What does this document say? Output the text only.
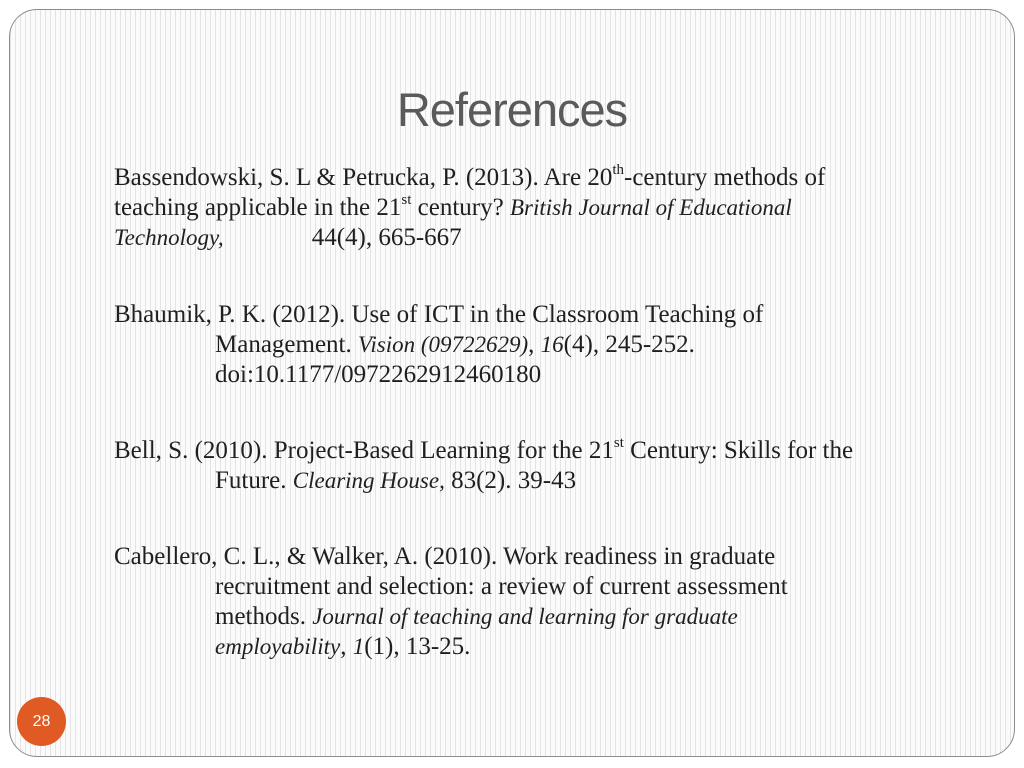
References
Bassendowski, S. L & Petrucka, P. (2013). Are 20th-century methods of
teaching applicable in the 21st century? British Journal of Educational
Technology,	44(4), 665-667
Bhaumik, P. K. (2012). Use of ICT in the Classroom Teaching of
Management. Vision (09722629), 16(4), 245-252.
doi:10.1177/0972262912460180
Bell, S. (2010). Project-Based Learning for the 21st Century: Skills for the
Future. Clearing House, 83(2). 39-43
Cabellero, C. L., & Walker, A. (2010). Work readiness in graduate
recruitment and selection: a review of current assessment
methods. Journal of teaching and learning for graduate
employability, 1(1), 13-25.
28
